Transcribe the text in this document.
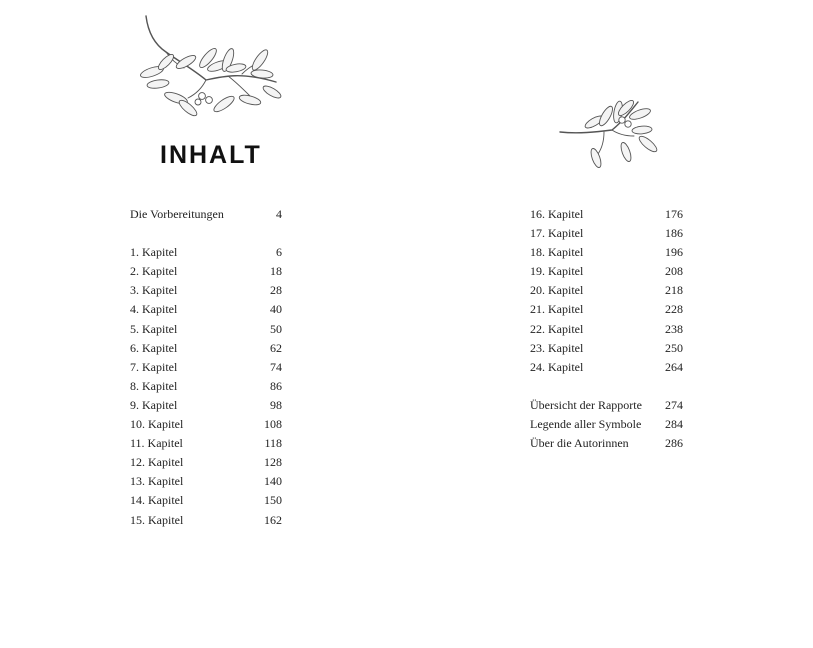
INHALT
Die Vorbereitungen	4
1. Kapitel	6
2. Kapitel	18
3. Kapitel	28
4. Kapitel	40
5. Kapitel	50
6. Kapitel	62
7. Kapitel	74
8. Kapitel	86
9. Kapitel	98
10. Kapitel	108
11. Kapitel	118
12. Kapitel	128
13. Kapitel	140
14. Kapitel	150
15. Kapitel	162
16. Kapitel	176
17. Kapitel	186
18. Kapitel	196
19. Kapitel	208
20. Kapitel	218
21. Kapitel	228
22. Kapitel	238
23. Kapitel	250
24. Kapitel	264
Übersicht der Rapporte 274
Legende aller Symbole 284
Über die Autorinnen	286
